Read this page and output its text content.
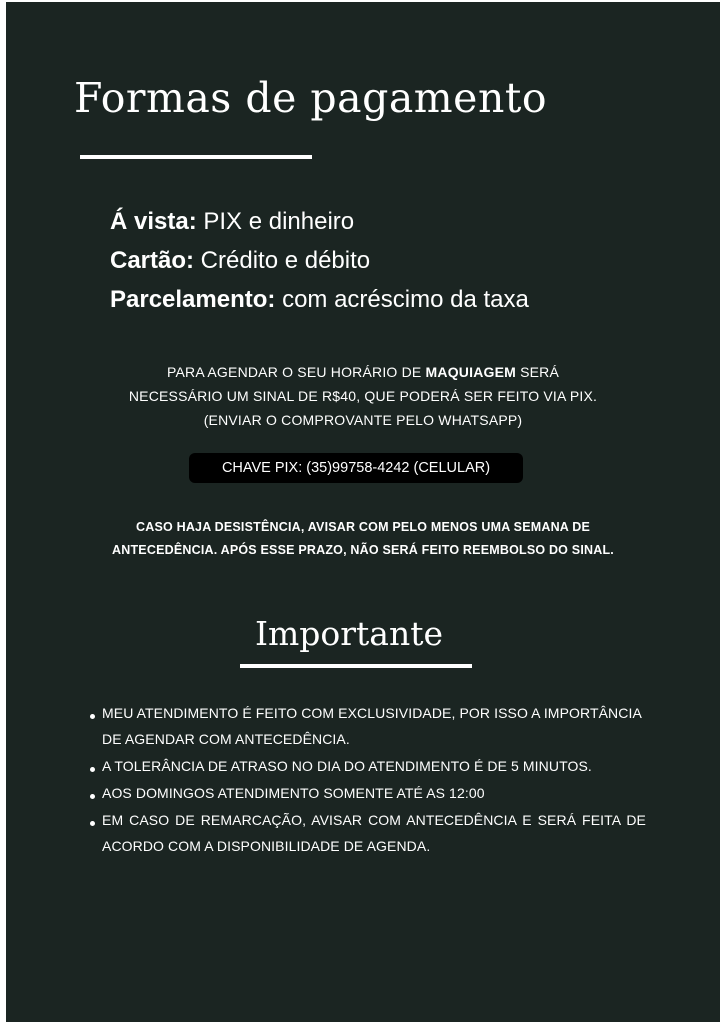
Formas de pagamento
Á vista: PIX e dinheiro
Cartão: Crédito e débito
Parcelamento: com acréscimo da taxa
PARA AGENDAR O SEU HORÁRIO DE MAQUIAGEM SERÁ
NECESSÁRIO UM SINAL DE R$40, QUE PODERÁ SER FEITO VIA PIX.
(ENVIAR O COMPROVANTE PELO WHATSAPP)
CHAVE PIX: (35)99758-4242 (CELULAR)
CASO HAJA DESISTÊNCIA, AVISAR COM PELO MENOS UMA SEMANA DE
ANTECEDÊNCIA. APÓS ESSE PRAZO, NÃO SERÁ FEITO REEMBOLSO DO SINAL.
Importante
MEU ATENDIMENTO É FEITO COM EXCLUSIVIDADE, POR ISSO A IMPORTÂNCIA DE AGENDAR COM ANTECEDÊNCIA.
A TOLERÂNCIA DE ATRASO NO DIA DO ATENDIMENTO É DE 5 MINUTOS.
AOS DOMINGOS ATENDIMENTO SOMENTE ATÉ AS 12:00
EM CASO DE REMARCAÇÃO, AVISAR COM ANTECEDÊNCIA E SERÁ FEITA DE ACORDO COM A DISPONIBILIDADE DE AGENDA.
